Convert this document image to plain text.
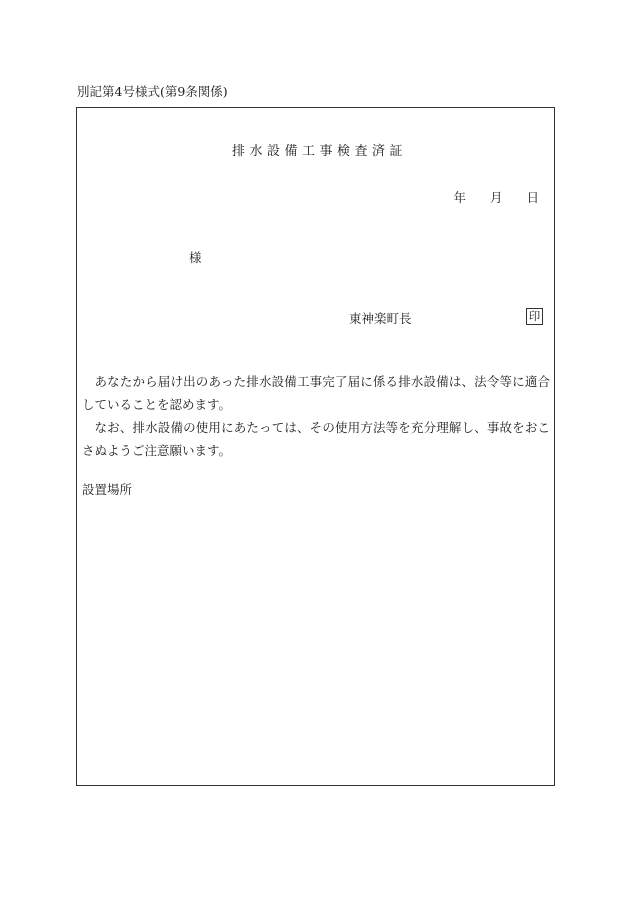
別記第4号様式(第9条関係)
排水設備工事検査済証
年 月 日
様
東神楽町長	印

あなたから届け出のあった排水設備工事完了届に係る排水設備は、法令等に適合していることを認めます。

なお、排水設備の使用にあたっては、その使用方法等を充分理解し、事故をおこさぬようご注意願います。

設置場所
